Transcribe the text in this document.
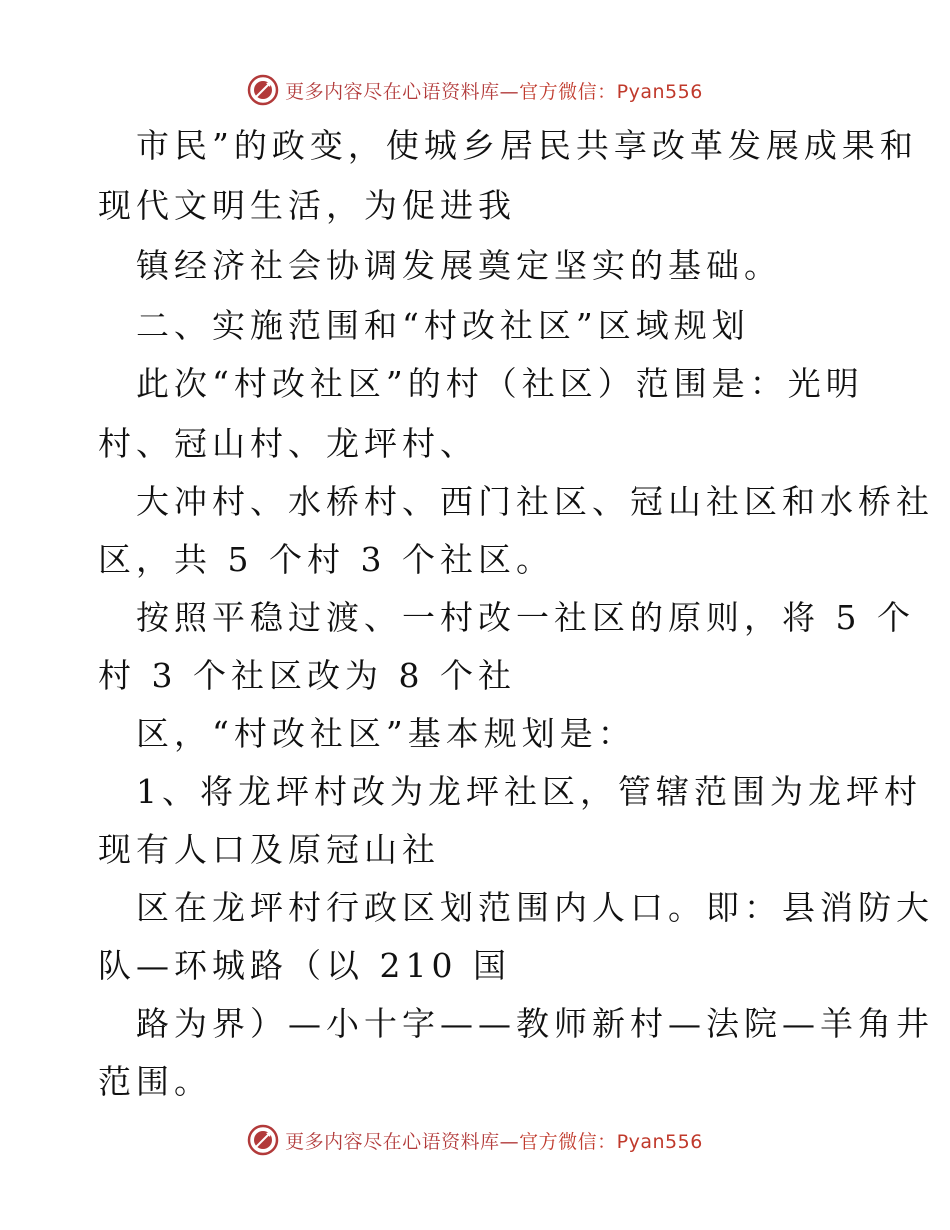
更多内容尽在心语资料库—官方微信：Pyan556
市民”的政变，使城乡居民共享改革发展成果和
现代文明生活，为促进我
镇经济社会协调发展奠定坚实的基础。
二、实施范围和“村改社区”区域规划
此次“村改社区”的村（社区）范围是：光明
村、冠山村、龙坪村、
大冲村、水桥村、西门社区、冠山社区和水桥社
区，共 5 个村 3 个社区。
按照平稳过渡、一村改一社区的原则，将 5 个
村 3 个社区改为 8 个社
区，“村改社区”基本规划是：
1、将龙坪村改为龙坪社区，管辖范围为龙坪村
现有人口及原冠山社
区在龙坪村行政区划范围内人口。即：县消防大
队—环城路（以 210 国
路为界）—小十字——教师新村—法院—羊角井
范围。
更多内容尽在心语资料库—官方微信：Pyan556
